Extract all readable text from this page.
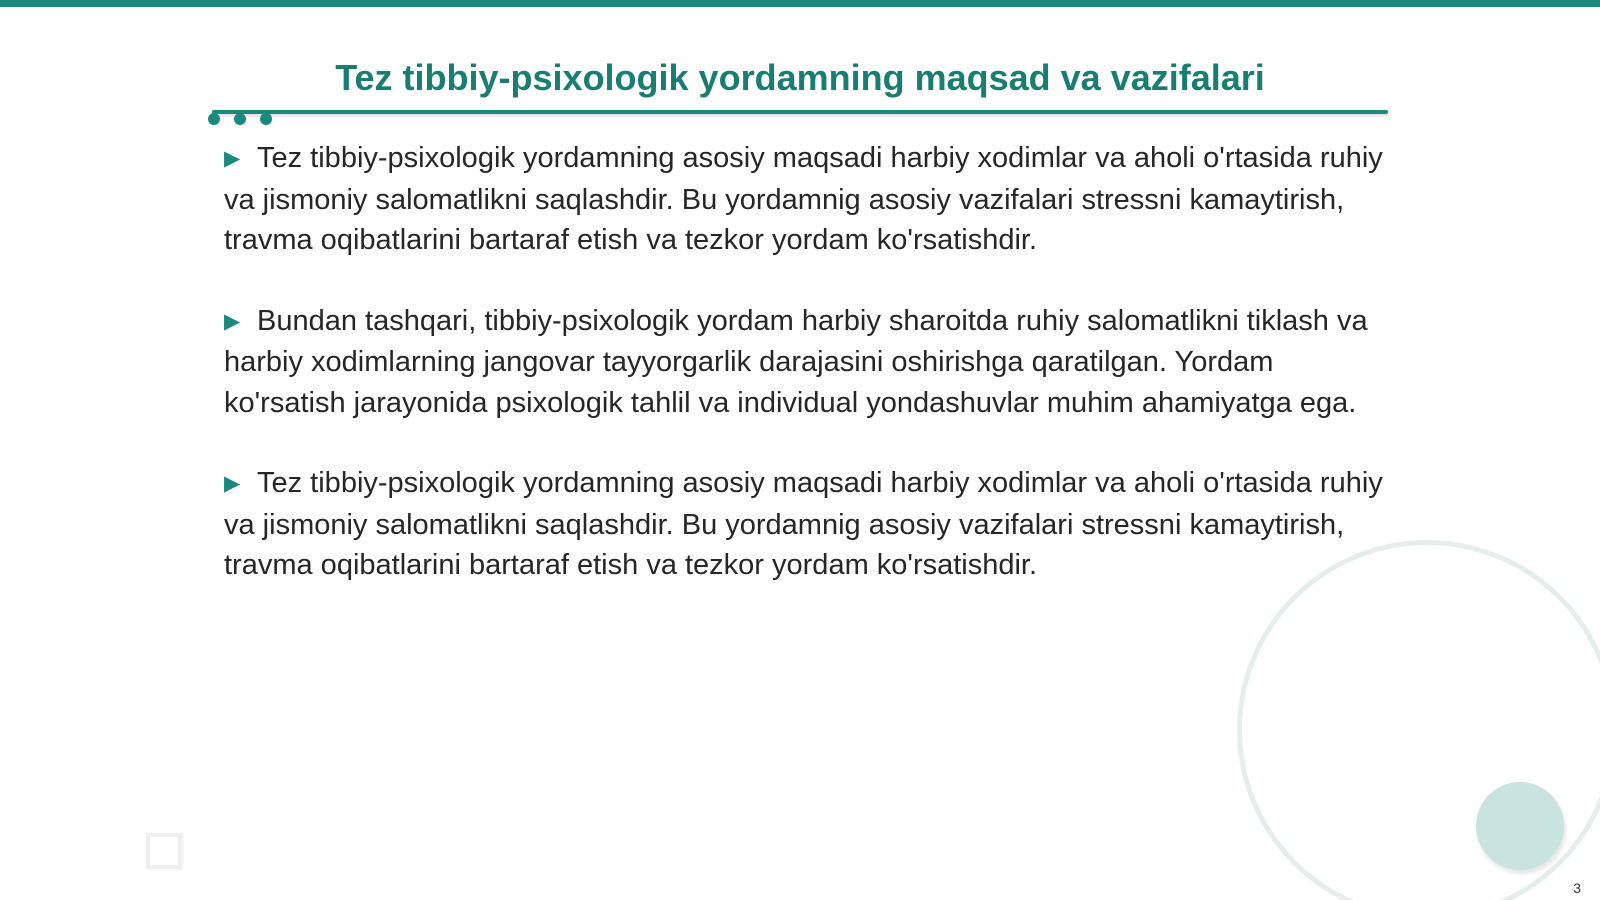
Tez tibbiy-psixologik yordamning maqsad va vazifalari

▶ Tez tibbiy-psixologik yordamning asosiy maqsadi harbiy xodimlar va aholi o'rtasida ruhiy va jismoniy salomatlikni saqlashdir. Bu yordamnig asosiy vazifalari stressni kamaytirish, travma oqibatlarini bartaraf etish va tezkor yordam ko'rsatishdir.

▶ Bundan tashqari, tibbiy-psixologik yordam harbiy sharoitda ruhiy salomatlikni tiklash va harbiy xodimlarning jangovar tayyorgarlik darajasini oshirishga qaratilgan. Yordam ko'rsatish jarayonida psixologik tahlil va individual yondashuvlar muhim ahamiyatga ega.

▶ Tez tibbiy-psixologik yordamning asosiy maqsadi harbiy xodimlar va aholi o'rtasida ruhiy va jismoniy salomatlikni saqlashdir. Bu yordamnig asosiy vazifalari stressni kamaytirish, travma oqibatlarini bartaraf etish va tezkor yordam ko'rsatishdir.

3
